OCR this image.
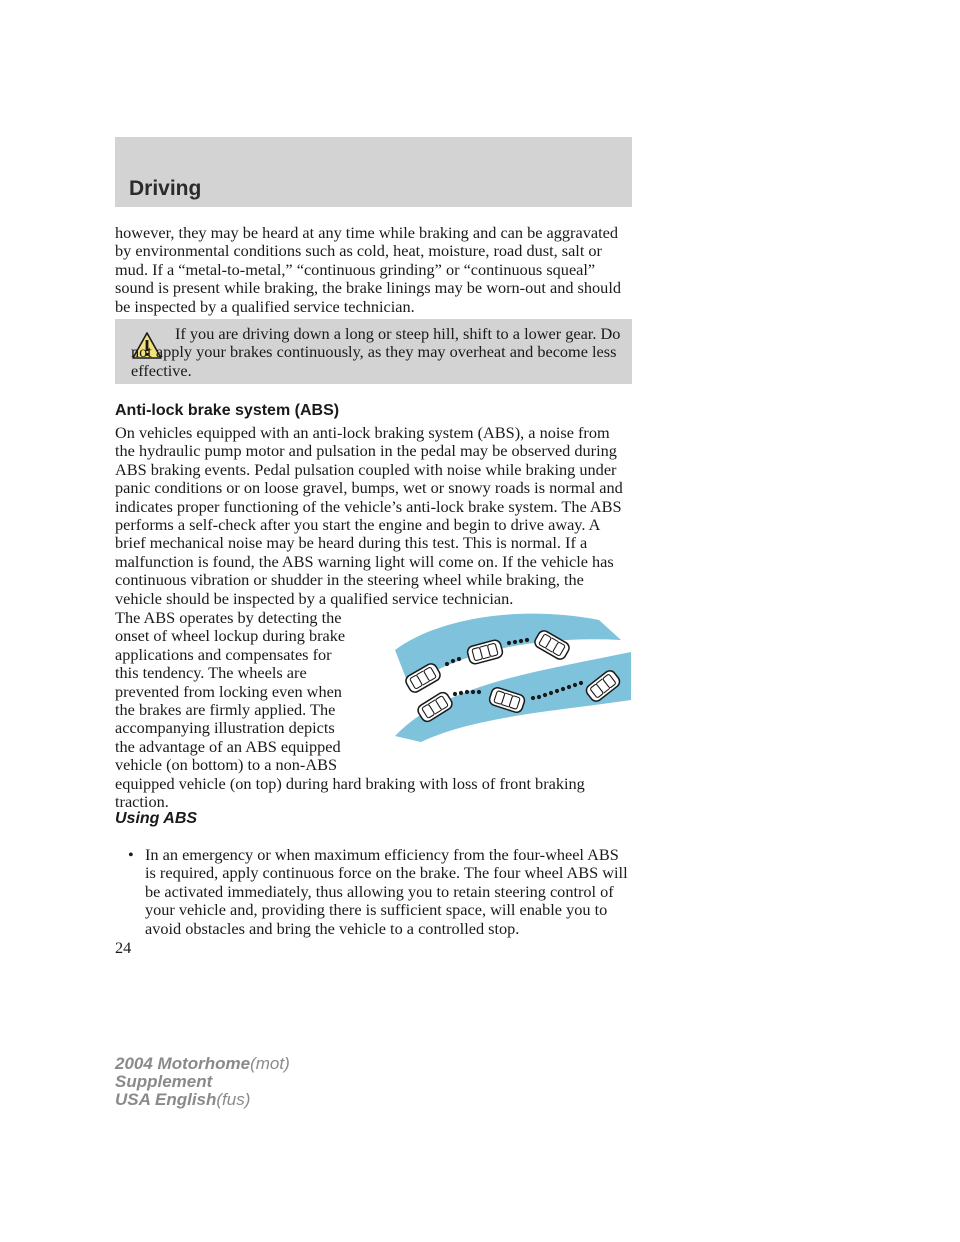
Driving

however, they may be heard at any time while braking and can be aggravated by environmental conditions such as cold, heat, moisture, road dust, salt or mud. If a “metal-to-metal,” “continuous grinding” or “continuous squeal” sound is present while braking, the brake linings may be worn-out and should be inspected by a qualified service technician.

If you are driving down a long or steep hill, shift to a lower gear. Do not apply your brakes continuously, as they may overheat and become less effective.

Anti-lock brake system (ABS)

On vehicles equipped with an anti-lock braking system (ABS), a noise from the hydraulic pump motor and pulsation in the pedal may be observed during ABS braking events. Pedal pulsation coupled with noise while braking under panic conditions or on loose gravel, bumps, wet or snowy roads is normal and indicates proper functioning of the vehicle’s anti-lock brake system. The ABS performs a self-check after you start the engine and begin to drive away. A brief mechanical noise may be heard during this test. This is normal. If a malfunction is found, the ABS warning light will come on. If the vehicle has continuous vibration or shudder in the steering wheel while braking, the vehicle should be inspected by a qualified service technician.

The ABS operates by detecting the
onset of wheel lockup during brake
applications and compensates for
this tendency. The wheels are
prevented from locking even when
the brakes are firmly applied. The
accompanying illustration depicts
the advantage of an ABS equipped
vehicle (on bottom) to a non-ABS

equipped vehicle (on top) during hard braking with loss of front braking traction.

Using ABS
• In an emergency or when maximum efficiency from the four-wheel ABS is required, apply continuous force on the brake. The four wheel ABS will be activated immediately, thus allowing you to retain steering control of your vehicle and, providing there is sufficient space, will enable you to avoid obstacles and bring the vehicle to a controlled stop.

24
2004 Motorhome(mot)
Supplement
USA English(fus)
